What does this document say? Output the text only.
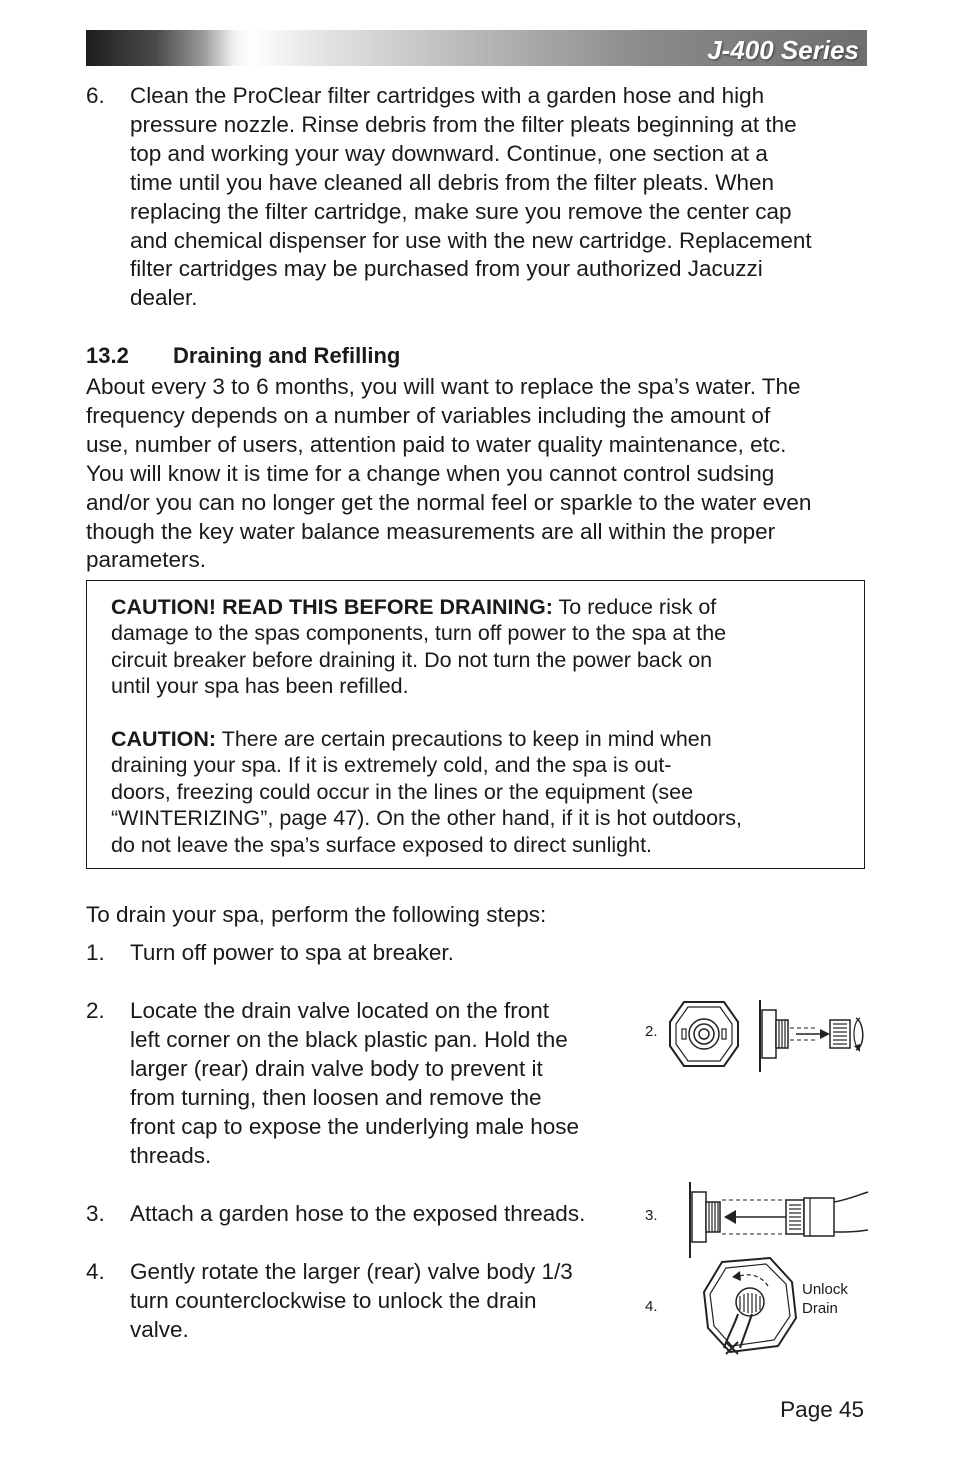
J-400 Series
6. Clean the ProClear filter cartridges with a garden hose and high
pressure nozzle. Rinse debris from the filter pleats beginning at the
top and working your way downward. Continue, one section at a
time until you have cleaned all debris from the filter pleats. When
replacing the filter cartridge, make sure you remove the center cap
and chemical dispenser for use with the new cartridge. Replacement
filter cartridges may be purchased from your authorized Jacuzzi
dealer.
13.2 Draining and Refilling
About every 3 to 6 months, you will want to replace the spa’s water. The
frequency depends on a number of variables including the amount of
use, number of users, attention paid to water quality maintenance, etc.
You will know it is time for a change when you cannot control sudsing
and/or you can no longer get the normal feel or sparkle to the water even
though the key water balance measurements are all within the proper
parameters.
CAUTION! READ THIS BEFORE DRAINING: To reduce risk of
damage to the spas components, turn off power to the spa at the
circuit breaker before draining it. Do not turn the power back on
until your spa has been refilled.
CAUTION: There are certain precautions to keep in mind when
draining your spa. If it is extremely cold, and the spa is out-
doors, freezing could occur in the lines or the equipment (see
“WINTERIZING”, page 47). On the other hand, if it is hot outdoors,
do not leave the spa’s surface exposed to direct sunlight.
To drain your spa, perform the following steps:
1. Turn off power to spa at breaker.
2. Locate the drain valve located on the front
left corner on the black plastic pan. Hold the
larger (rear) drain valve body to prevent it
from turning, then loosen and remove the
front cap to expose the underlying male hose
threads.
3. Attach a garden hose to the exposed threads.
4. Gently rotate the larger (rear) valve body 1/3
turn counterclockwise to unlock the drain
valve.
2.
3.
4.
Unlock
Drain
Page 45
